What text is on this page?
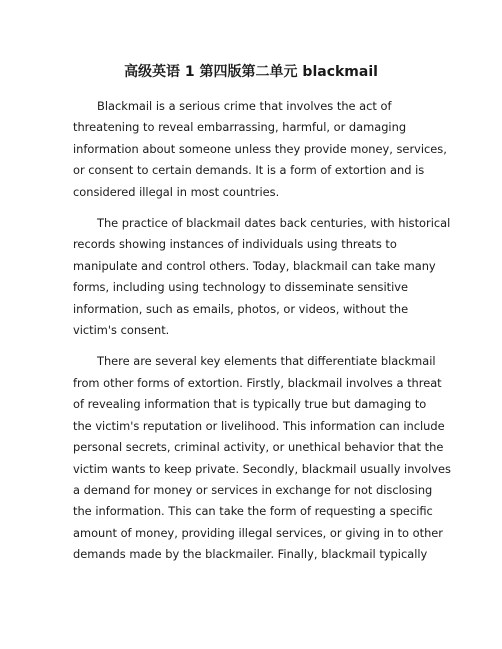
高级英语 1 第四版第二单元 blackmail

Blackmail is a serious crime that involves the act of
threatening to reveal embarrassing, harmful, or damaging
information about someone unless they provide money, services,
or consent to certain demands. It is a form of extortion and is
considered illegal in most countries.

The practice of blackmail dates back centuries, with historical
records showing instances of individuals using threats to
manipulate and control others. Today, blackmail can take many
forms, including using technology to disseminate sensitive
information, such as emails, photos, or videos, without the
victim's consent.

There are several key elements that differentiate blackmail
from other forms of extortion. Firstly, blackmail involves a threat
of revealing information that is typically true but damaging to
the victim's reputation or livelihood. This information can include
personal secrets, criminal activity, or unethical behavior that the
victim wants to keep private. Secondly, blackmail usually involves
a demand for money or services in exchange for not disclosing
the information. This can take the form of requesting a specific
amount of money, providing illegal services, or giving in to other
demands made by the blackmailer. Finally, blackmail typically
